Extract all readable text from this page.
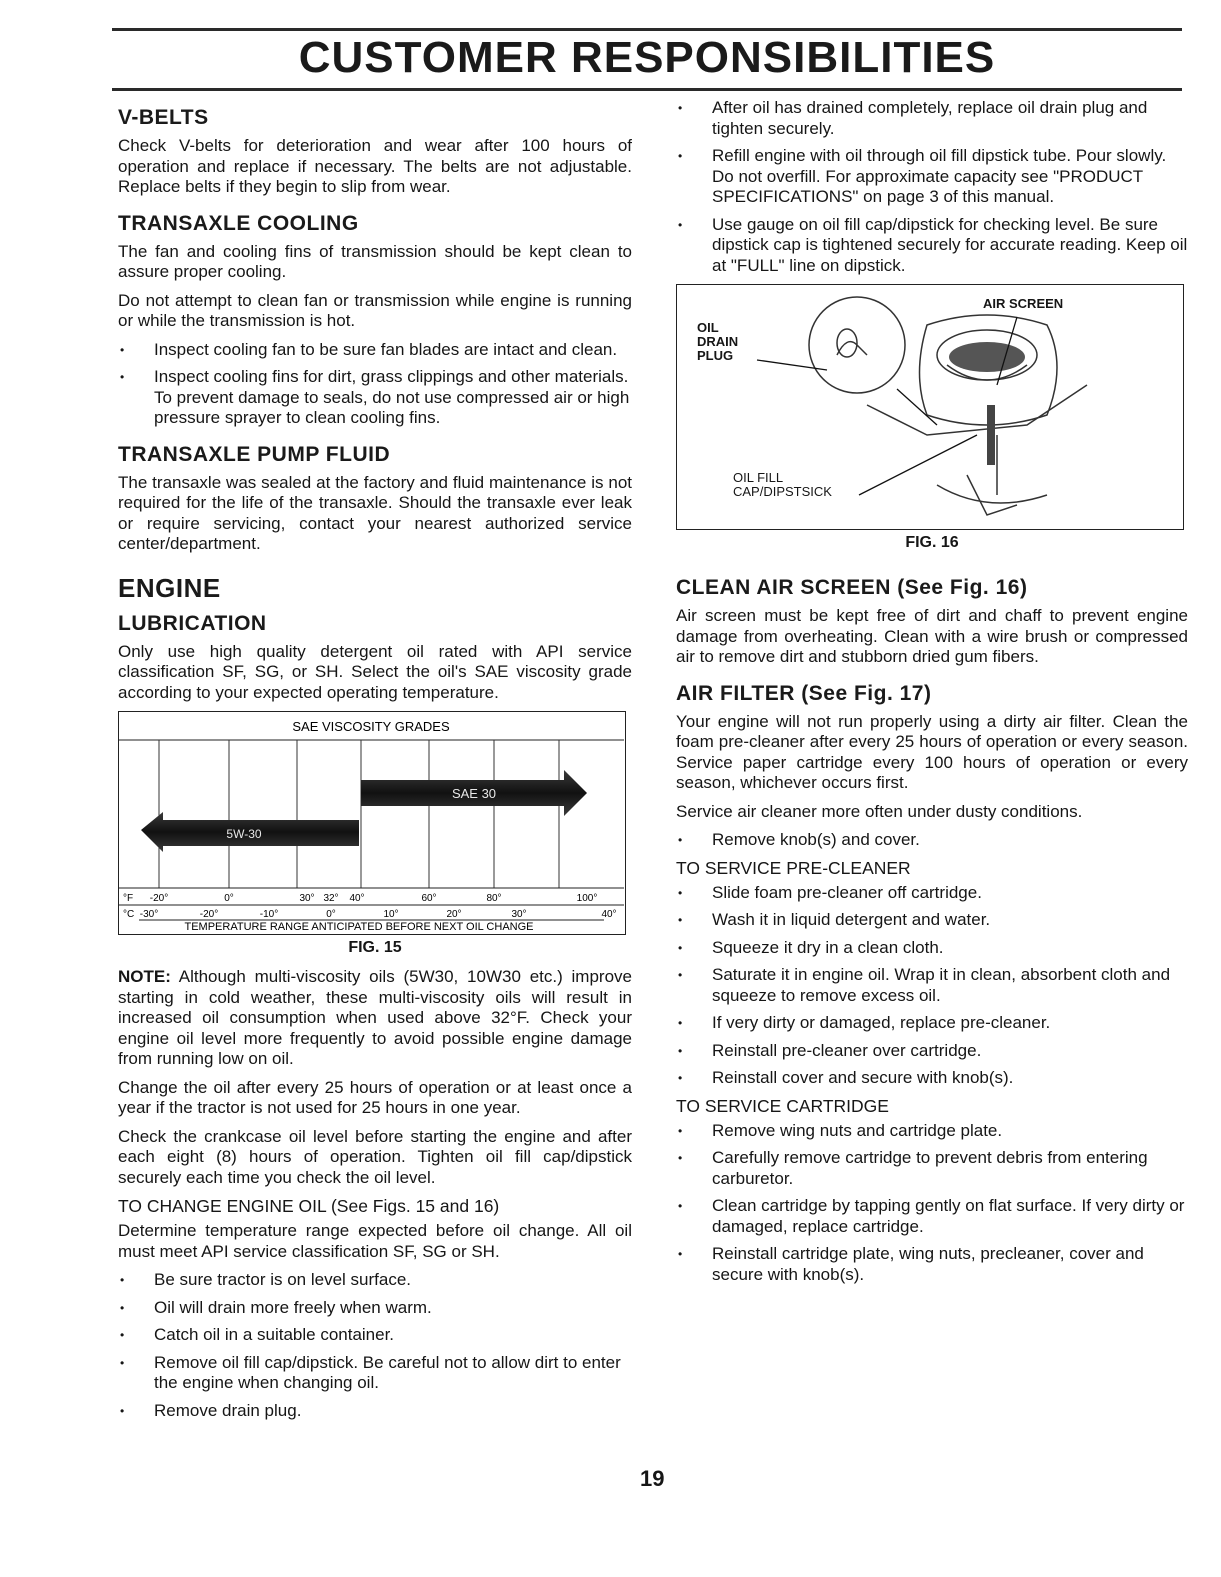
CUSTOMER RESPONSIBILITIES
V-BELTS

Check V-belts for deterioration and wear after 100 hours of operation and replace if necessary. The belts are not adjustable. Replace belts if they begin to slip from wear.

TRANSAXLE COOLING

The fan and cooling fins of transmission should be kept clean to assure proper cooling.

Do not attempt to clean fan or transmission while engine is running or while the transmission is hot.

• Inspect cooling fan to be sure fan blades are intact and clean.
• Inspect cooling fins for dirt, grass clippings and other materials. To prevent damage to seals, do not use compressed air or high pressure sprayer to clean cooling fins.
TRANSAXLE PUMP FLUID

The transaxle was sealed at the factory and fluid maintenance is not required for the life of the transaxle. Should the transaxle ever leak or require servicing, contact your nearest authorized service center/department.

ENGINE
LUBRICATION

Only use high quality detergent oil rated with API service classification SF, SG, or SH. Select the oil's SAE viscosity grade according to your expected operating temperature.

SAE VISCOSITY GRADES
5W-30
SAE 30
°F -20°	0°	30° 32° 40°	60°	80°	100°
°C -30°	-20°	-10°	0°	10°	20°	30°	40°
TEMPERATURE RANGE ANTICIPATED BEFORE NEXT OIL CHANGE
FIG. 15

NOTE: Although multi-viscosity oils (5W30, 10W30 etc.) improve starting in cold weather, these multi-viscosity oils will result in increased oil consumption when used above 32°F. Check your engine oil level more frequently to avoid possible engine damage from running low on oil.

Change the oil after every 25 hours of operation or at least once a year if the tractor is not used for 25 hours in one year.

Check the crankcase oil level before starting the engine and after each eight (8) hours of operation. Tighten oil fill cap/dipstick securely each time you check the oil level.

TO CHANGE ENGINE OIL (See Figs. 15 and 16)

Determine temperature range expected before oil change. All oil must meet API service classification SF, SG or SH.

• Be sure tractor is on level surface.
• Oil will drain more freely when warm.
• Catch oil in a suitable container.
• Remove oil fill cap/dipstick. Be careful not to allow dirt to enter the engine when changing oil.
• Remove drain plug.
• After oil has drained completely, replace oil drain plug and tighten securely.
• Refill engine with oil through oil fill dipstick tube. Pour slowly. Do not overfill. For approximate capacity see "PRODUCT SPECIFICATIONS" on page 3 of this manual.
• Use gauge on oil fill cap/dipstick for checking level. Be sure dipstick cap is tightened securely for accurate reading. Keep oil at "FULL" line on dipstick.
AIR SCREEN
OIL
DRAIN
PLUG
OIL FILL
CAP/DIPSTSICK
FIG. 16
CLEAN AIR SCREEN (See Fig. 16)

Air screen must be kept free of dirt and chaff to prevent engine damage from overheating. Clean with a wire brush or compressed air to remove dirt and stubborn dried gum fibers.

AIR FILTER (See Fig. 17)

Your engine will not run properly using a dirty air filter. Clean the foam pre-cleaner after every 25 hours of operation or every season. Service paper cartridge every 100 hours of operation or every season, whichever occurs first.

Service air cleaner more often under dusty conditions.

• Remove knob(s) and cover.
TO SERVICE PRE-CLEANER
• Slide foam pre-cleaner off cartridge.
• Wash it in liquid detergent and water.
• Squeeze it dry in a clean cloth.
• Saturate it in engine oil. Wrap it in clean, absorbent cloth and squeeze to remove excess oil.
• If very dirty or damaged, replace pre-cleaner.
• Reinstall pre-cleaner over cartridge.
• Reinstall cover and secure with knob(s).
TO SERVICE CARTRIDGE
• Remove wing nuts and cartridge plate.
• Carefully remove cartridge to prevent debris from entering carburetor.
• Clean cartridge by tapping gently on flat surface. If very dirty or damaged, replace cartridge.
• Reinstall cartridge plate, wing nuts, precleaner, cover and secure with knob(s).
19
